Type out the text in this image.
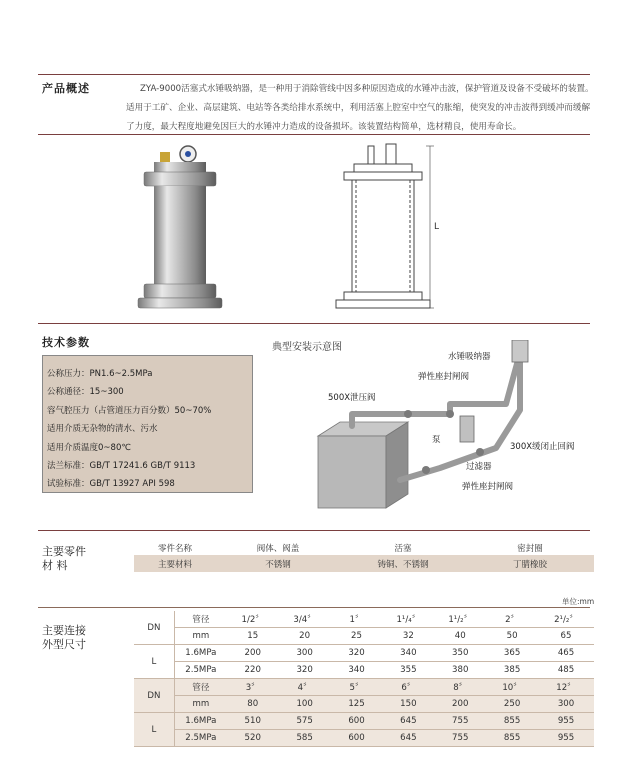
产品概述	ZYA-9000活塞式水锤吸纳器，是一种用于消除管线中因多种原因造成的水锤冲击波，保护管道及设备不受破坏的装置。适用于工矿、企业、高层建筑、电站等各类给排水系统中，利用活塞上腔室中空气的胀缩，使突发的冲击波得到缓冲而缓解了力度，最大程度地避免因巨大的水锤冲力造成的设备损坏。该装置结构简单，选材精良，使用寿命长。
L
技术参数
公称压力：PN1.6~2.5MPa
公称通径：15~300
容气腔压力（占管道压力百分数）50~70%
适用介质无杂物的清水、污水
适用介质温度0~80℃
法兰标准：GB/T 17241.6 GB/T 9113
试验标准：GB/T 13927 API 598
典型安装示意图
水锤吸纳器
弹性座封闸阀
500X泄压阀
泵
300X缓闭止回阀
过滤器
弹性座封闸阀
主要零件
材 料
零件名称	阀体、阀盖	活塞	密封圈
主要材料	不锈钢	铸铜、不锈钢	丁腈橡胶
单位:mm
主要连接
外型尺寸
DN	管径	1/2〞	3/4〞	1〞	1¹/₄〞	1¹/₂〞	2〞	2¹/₂〞
	mm	15	20	25	32	40	50	65
L	1.6MPa	200	300	320	340	350	365	465
	2.5MPa	220	320	340	355	380	385	485
DN	管径	3〞	4〞	5〞	6〞	8〞	10〞	12〞
	mm	80	100	125	150	200	250	300
L	1.6MPa	510	575	600	645	755	855	955
	2.5MPa	520	585	600	645	755	855	955
